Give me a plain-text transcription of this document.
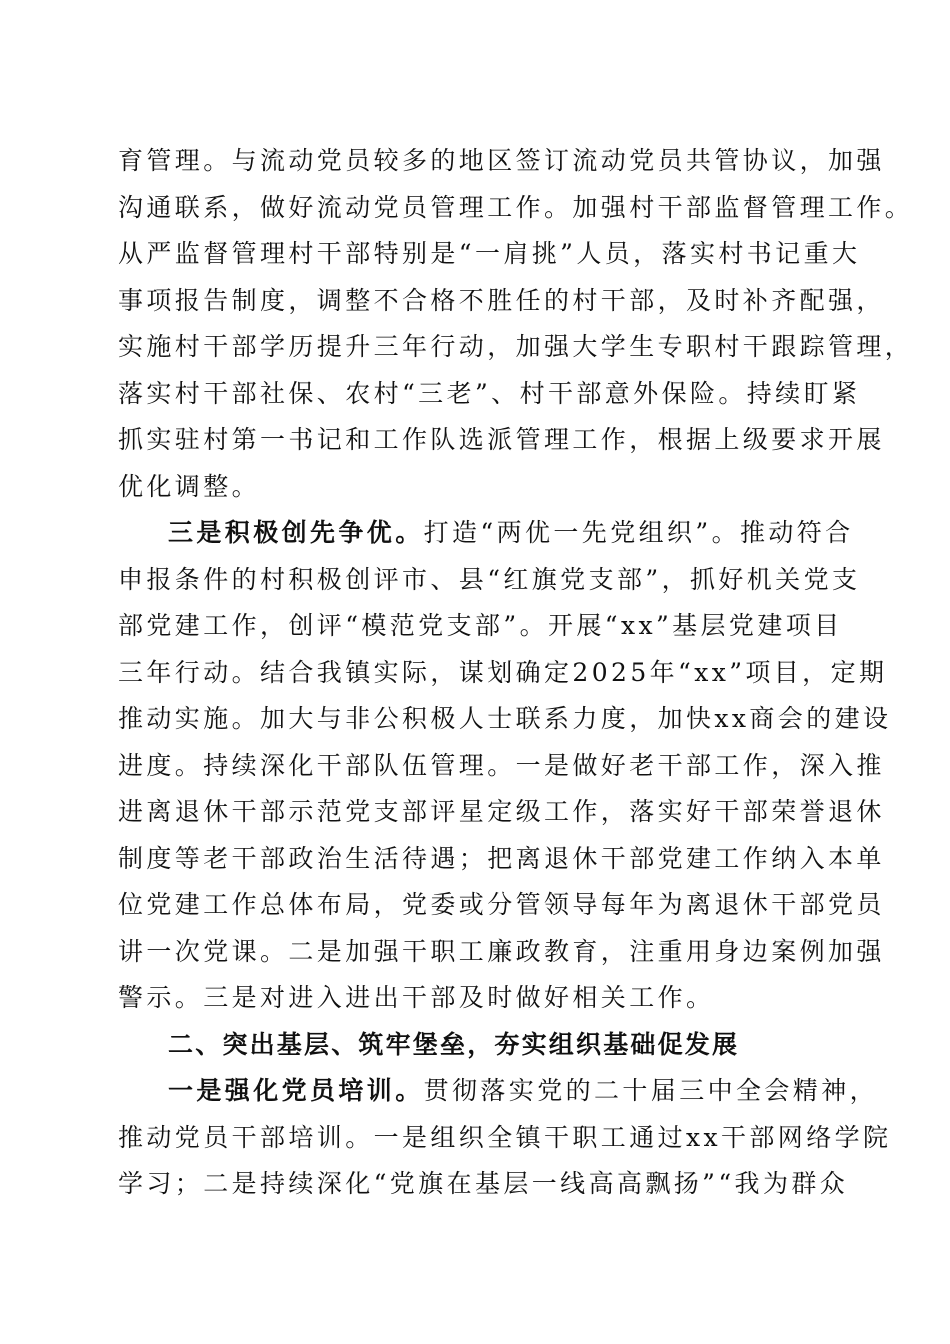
育管理。与流动党员较多的地区签订流动党员共管协议，加强
沟通联系，做好流动党员管理工作。加强村干部监督管理工作。
从严监督管理村干部特别是“一肩挑”人员，落实村书记重大
事项报告制度，调整不合格不胜任的村干部，及时补齐配强，
实施村干部学历提升三年行动，加强大学生专职村干跟踪管理，
落实村干部社保、农村“三老”、村干部意外保险。持续盯紧
抓实驻村第一书记和工作队选派管理工作，根据上级要求开展
优化调整。
三是积极创先争优。打造“两优一先党组织”。推动符合
申报条件的村积极创评市、县“红旗党支部”，抓好机关党支
部党建工作，创评“模范党支部”。开展“xx”基层党建项目
三年行动。结合我镇实际，谋划确定2025年“xx”项目，定期
推动实施。加大与非公积极人士联系力度，加快xx商会的建设
进度。持续深化干部队伍管理。一是做好老干部工作，深入推
进离退休干部示范党支部评星定级工作，落实好干部荣誉退休
制度等老干部政治生活待遇；把离退休干部党建工作纳入本单
位党建工作总体布局，党委或分管领导每年为离退休干部党员
讲一次党课。二是加强干职工廉政教育，注重用身边案例加强
警示。三是对进入进出干部及时做好相关工作。
二、突出基层、筑牢堡垒，夯实组织基础促发展
一是强化党员培训。贯彻落实党的二十届三中全会精神，
推动党员干部培训。一是组织全镇干职工通过xx干部网络学院
学习；二是持续深化“党旗在基层一线高高飘扬”“我为群众
